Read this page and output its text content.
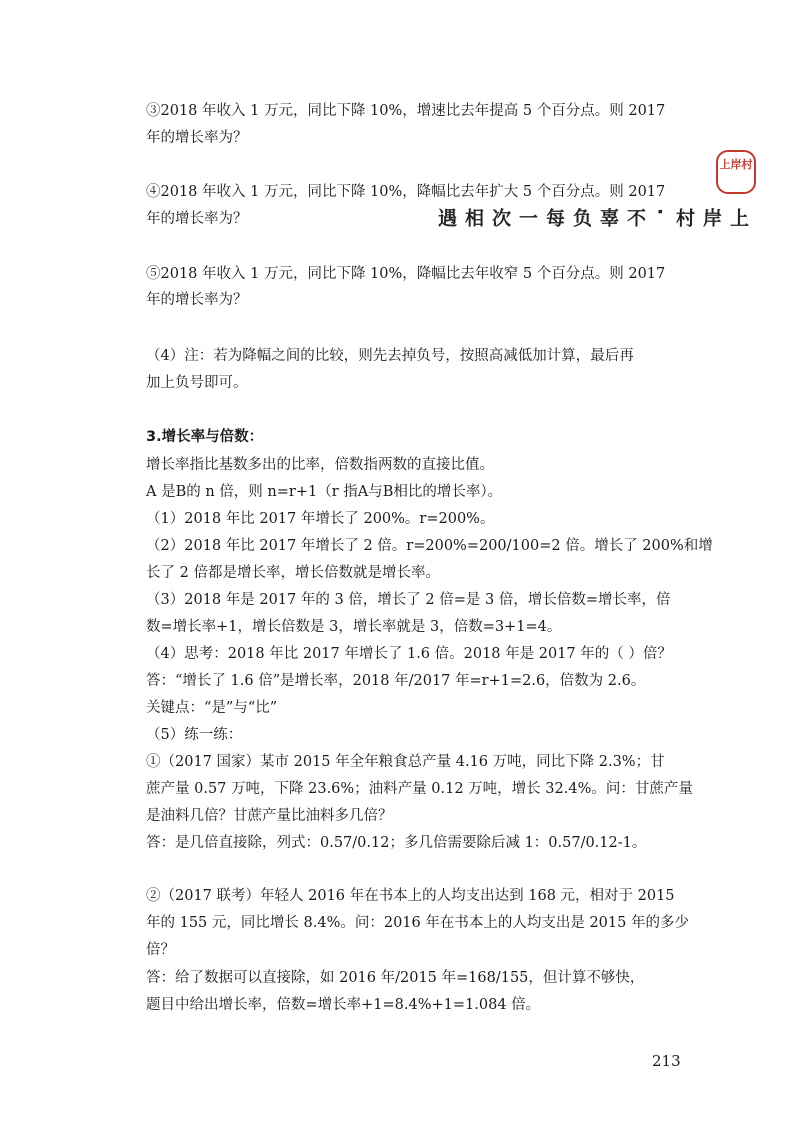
③2018 年收入 1 万元，同比下降 10%，增速比去年提高 5 个百分点。则 2017
年的增长率为？
④2018 年收入 1 万元，同比下降 10%，降幅比去年扩大 5 个百分点。则 2017
年的增长率为？
⑤2018 年收入 1 万元，同比下降 10%，降幅比去年收窄 5 个百分点。则 2017
年的增长率为？
（4）注：若为降幅之间的比较，则先去掉负号，按照高减低加计算，最后再
加上负号即可。
3.增长率与倍数：
增长率指比基数多出的比率，倍数指两数的直接比值。
A 是B的 n 倍，则 n=r+1（r 指A与B相比的增长率）。
（1）2018 年比 2017 年增长了 200%。r=200%。
（2）2018 年比 2017 年增长了 2 倍。r=200%=200/100=2 倍。增长了 200%和增
长了 2 倍都是增长率，增长倍数就是增长率。
（3）2018 年是 2017 年的 3 倍，增长了 2 倍=是 3 倍，增长倍数=增长率，倍
数=增长率+1，增长倍数是 3，增长率就是 3，倍数=3+1=4。
（4）思考：2018 年比 2017 年增长了 1.6 倍。2018 年是 2017 年的（ ）倍？
答：“增长了 1.6 倍”是增长率，2018 年/2017 年=r+1=2.6，倍数为 2.6。
关键点：“是”与“比”
（5）练一练：
①（2017 国家）某市 2015 年全年粮食总产量 4.16 万吨，同比下降 2.3%；甘
蔗产量 0.57 万吨，下降 23.6%；油料产量 0.12 万吨，增长 32.4%。问：甘蔗产量
是油料几倍？甘蔗产量比油料多几倍？
答：是几倍直接除，列式：0.57/0.12；多几倍需要除后减 1：0.57/0.12-1。
②（2017 联考）年轻人 2016 年在书本上的人均支出达到 168 元，相对于 2015
年的 155 元，同比增长 8.4%。问：2016 年在书本上的人均支出是 2015 年的多少
倍？
答：给了数据可以直接除，如 2016 年/2015 年=168/155，但计算不够快，
题目中给出增长率，倍数=增长率+1=8.4%+1=1.084 倍。
上岸村
上岸村·不辜负每一次相遇
213
